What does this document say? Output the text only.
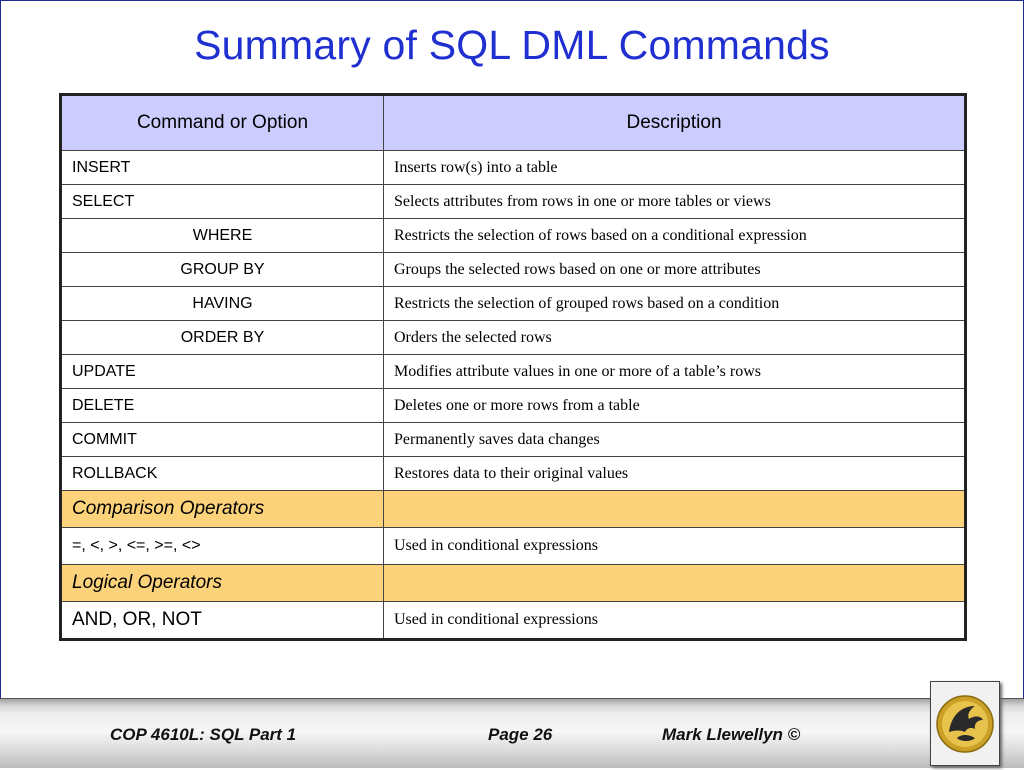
Summary of SQL DML Commands
Command or Option	Description
INSERT	Inserts row(s) into a table
SELECT	Selects attributes from rows in one or more tables or views
WHERE	Restricts the selection of rows based on a conditional expression
GROUP BY	Groups the selected rows based on one or more attributes
HAVING	Restricts the selection of grouped rows based on a condition
ORDER BY	Orders the selected rows
UPDATE	Modifies attribute values in one or more of a table’s rows
DELETE	Deletes one or more rows from a table
COMMIT	Permanently saves data changes
ROLLBACK	Restores data to their original values
Comparison Operators	
=, <, >, <=, >=, <>	Used in conditional expressions
Logical Operators	
AND, OR, NOT	Used in conditional expressions
COP 4610L: SQL Part 1	Page 26	Mark Llewellyn ©
